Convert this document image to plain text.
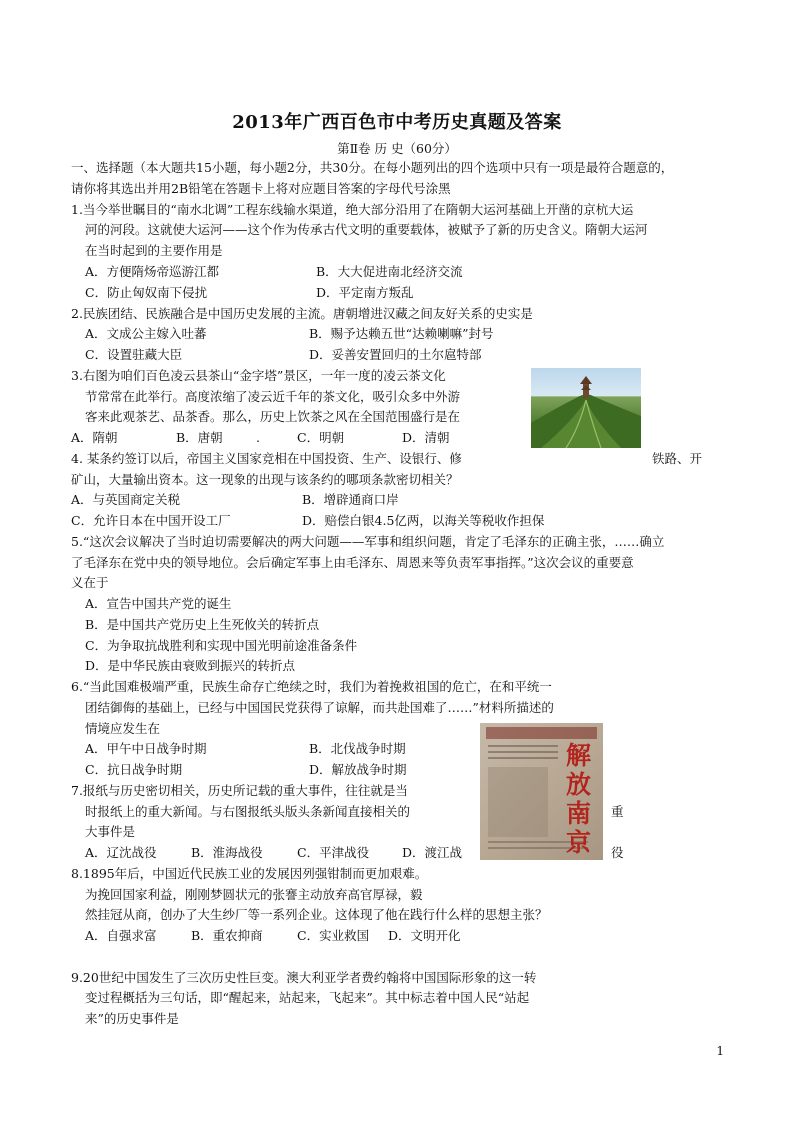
2013年广西百色市中考历史真题及答案
第Ⅱ卷 历 史（60分）
一、选择题（本大题共15小题，每小题2分，共30分。在每小题列出的四个选项中只有一项是最符合题意的，
请你将其选出并用2B铅笔在答题卡上将对应题目答案的字母代号涂黑
1.当今举世瞩目的“南水北调”工程东线输水渠道，绝大部分沿用了在隋朝大运河基础上开凿的京杭大运
河的河段。这就使大运河——这个作为传承古代文明的重要载体，被赋予了新的历史含义。隋朝大运河
在当时起到的主要作用是
A．方便隋炀帝巡游江都	B．大大促进南北经济交流
C．防止匈奴南下侵扰	D．平定南方叛乱
2.民族团结、民族融合是中国历史发展的主流。唐朝增进汉藏之间友好关系的史实是
A．文成公主嫁入吐蕃	B．赐予达赖五世“达赖喇嘛”封号
C．设置驻藏大臣	D．妥善安置回归的土尔扈特部
3.右图为咱们百色凌云县茶山“金字塔”景区，一年一度的凌云茶文化
节常常在此举行。高度浓缩了凌云近千年的茶文化，吸引众多中外游
客来此观茶艺、品茶香。那么，历史上饮茶之风在全国范围盛行是在
A．隋朝	B．唐朝	.	C．明朝	D．清朝
4. 某条约签订以后，帝国主义国家竞相在中国投资、生产、设银行、修	铁路、开
矿山，大量输出资本。这一现象的出现与该条约的哪项条款密切相关？
A．与英国商定关税	B．增辟通商口岸
C．允许日本在中国开设工厂	D．赔偿白银4.5亿两，以海关等税收作担保
5.“这次会议解决了当时迫切需要解决的两大问题——军事和组织问题，肯定了毛泽东的正确主张，……确立
了毛泽东在党中央的领导地位。会后确定军事上由毛泽东、周恩来等负责军事指挥。”这次会议的重要意
义在于
A．宣告中国共产党的诞生
B．是中国共产党历史上生死攸关的转折点
C．为争取抗战胜利和实现中国光明前途准备条件
D．是中华民族由衰败到振兴的转折点
6.“当此国难极端严重，民族生命存亡绝续之时，我们为着挽救祖国的危亡，在和平统一
团结御侮的基础上，已经与中国国民党获得了谅解，而共赴国难了……”材料所描述的
情境应发生在
A．甲午中日战争时期	B．北伐战争时期
C．抗日战争时期	D．解放战争时期	解放南京
7.报纸与历史密切相关，历史所记载的重大事件，往往就是当
时报纸上的重大新闻。与右图报纸头版头条新闻直接相关的	重
大事件是
A．辽沈战役	B．淮海战役	C．平津战役	D．渡江战	役
8.1895年后，中国近代民族工业的发展因列强钳制而更加艰难。
为挽回国家利益，刚刚梦圆状元的张謇主动放弃高官厚禄，毅
然挂冠从商，创办了大生纱厂等一系列企业。这体现了他在践行什么样的思想主张？
A．自强求富	B．重农抑商	C．实业救国 D．文明开化
9.20世纪中国发生了三次历史性巨变。澳大利亚学者费约翰将中国国际形象的这一转
变过程概括为三句话，即“醒起来，站起来，飞起来”。其中标志着中国人民“站起
来”的历史事件是
1
